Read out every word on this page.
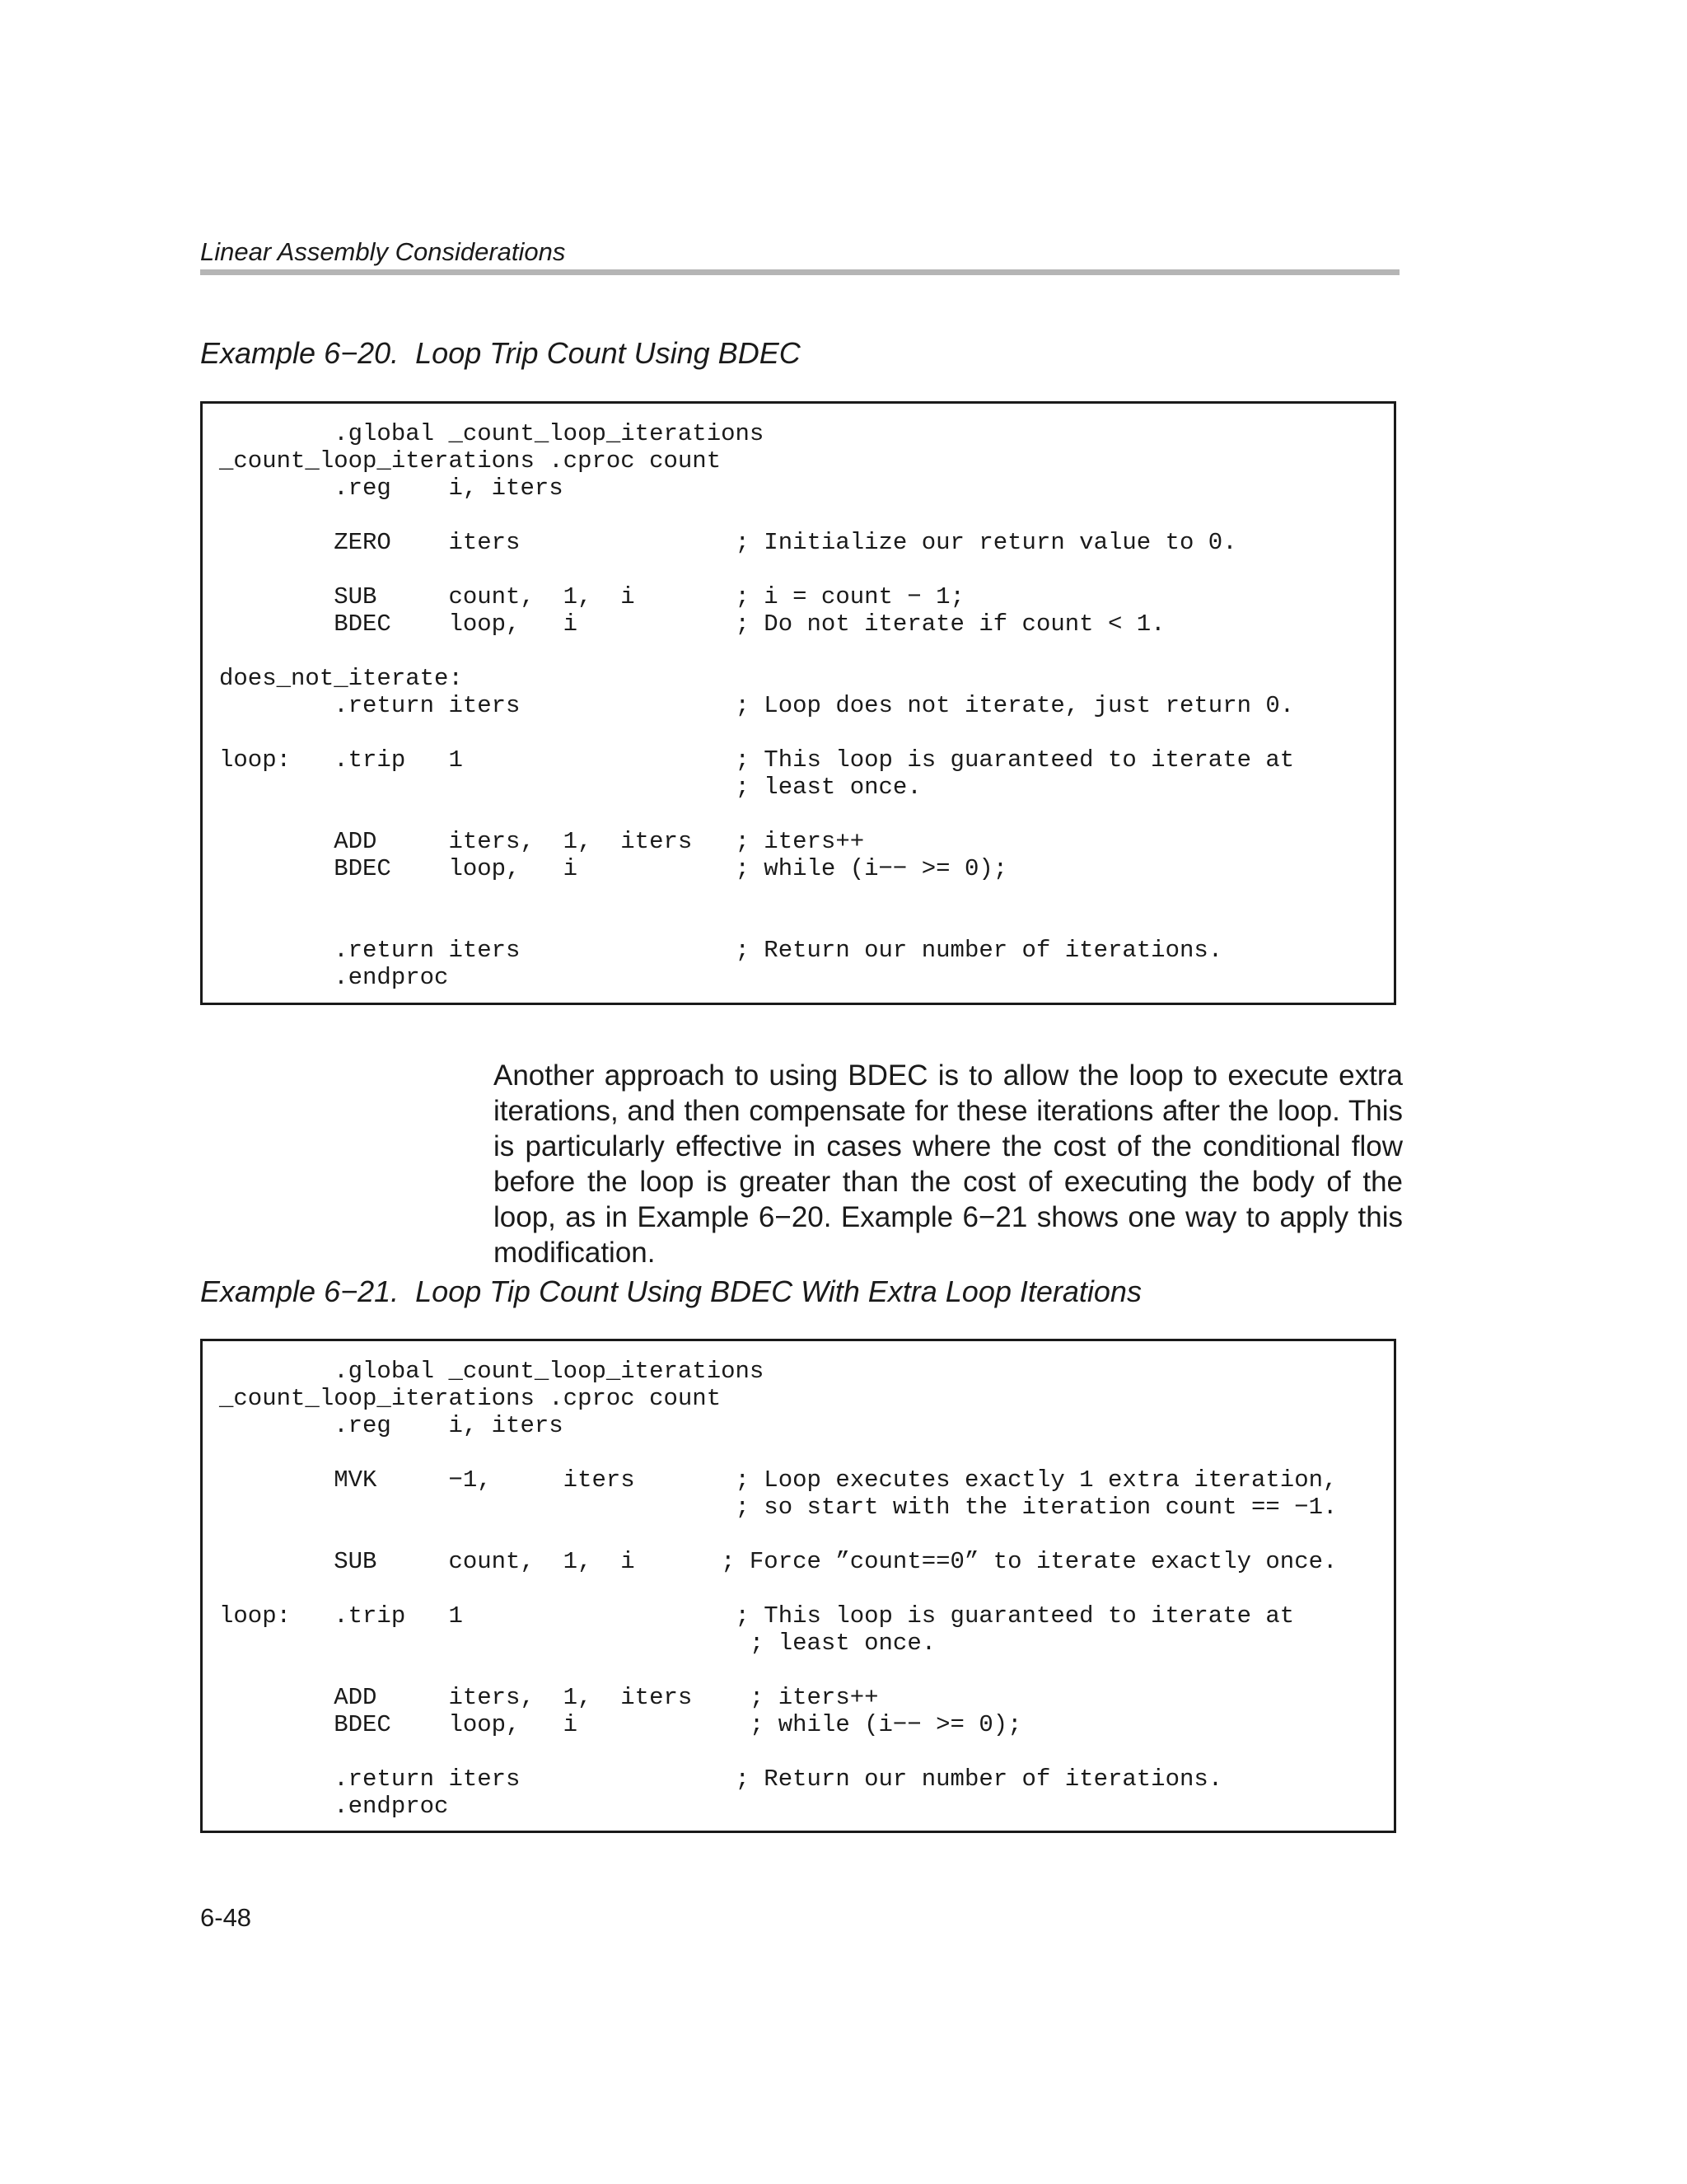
Linear Assembly Considerations
Example 6−20.  Loop Trip Count Using BDEC
.global _count_loop_iterations
_count_loop_iterations .cproc count
.reg    i, iters

ZERO    iters               ; Initialize our return value to 0.

SUB     count,  1,  i       ; i = count − 1;
BDEC    loop,   i           ; Do not iterate if count < 1.

does_not_iterate:
.return iters               ; Loop does not iterate, just return 0.

loop:   .trip   1                   ; This loop is guaranteed to iterate at
; least once.

ADD     iters,  1,  iters   ; iters++
BDEC    loop,   i           ; while (i−− >= 0);

.return iters               ; Return our number of iterations.
.endproc

Another approach to using BDEC is to allow the loop to execute extra iterations, and then compensate for these iterations after the loop. This is particularly effective in cases where the cost of the conditional flow before the loop is greater than the cost of executing the body of the loop, as in Example 6−20. Example 6−21 shows one way to apply this modification.

Example 6−21.  Loop Tip Count Using BDEC With Extra Loop Iterations
.global _count_loop_iterations
_count_loop_iterations .cproc count
.reg    i, iters

MVK     −1,     iters       ; Loop executes exactly 1 extra iteration,
; so start with the iteration count == −1.

SUB     count,  1,  i      ; Force ”count==0” to iterate exactly once.

loop:   .trip   1                   ; This loop is guaranteed to iterate at
; least once.

ADD     iters,  1,  iters    ; iters++
BDEC    loop,   i            ; while (i−− >= 0);

.return iters               ; Return our number of iterations.
.endproc
6-48
